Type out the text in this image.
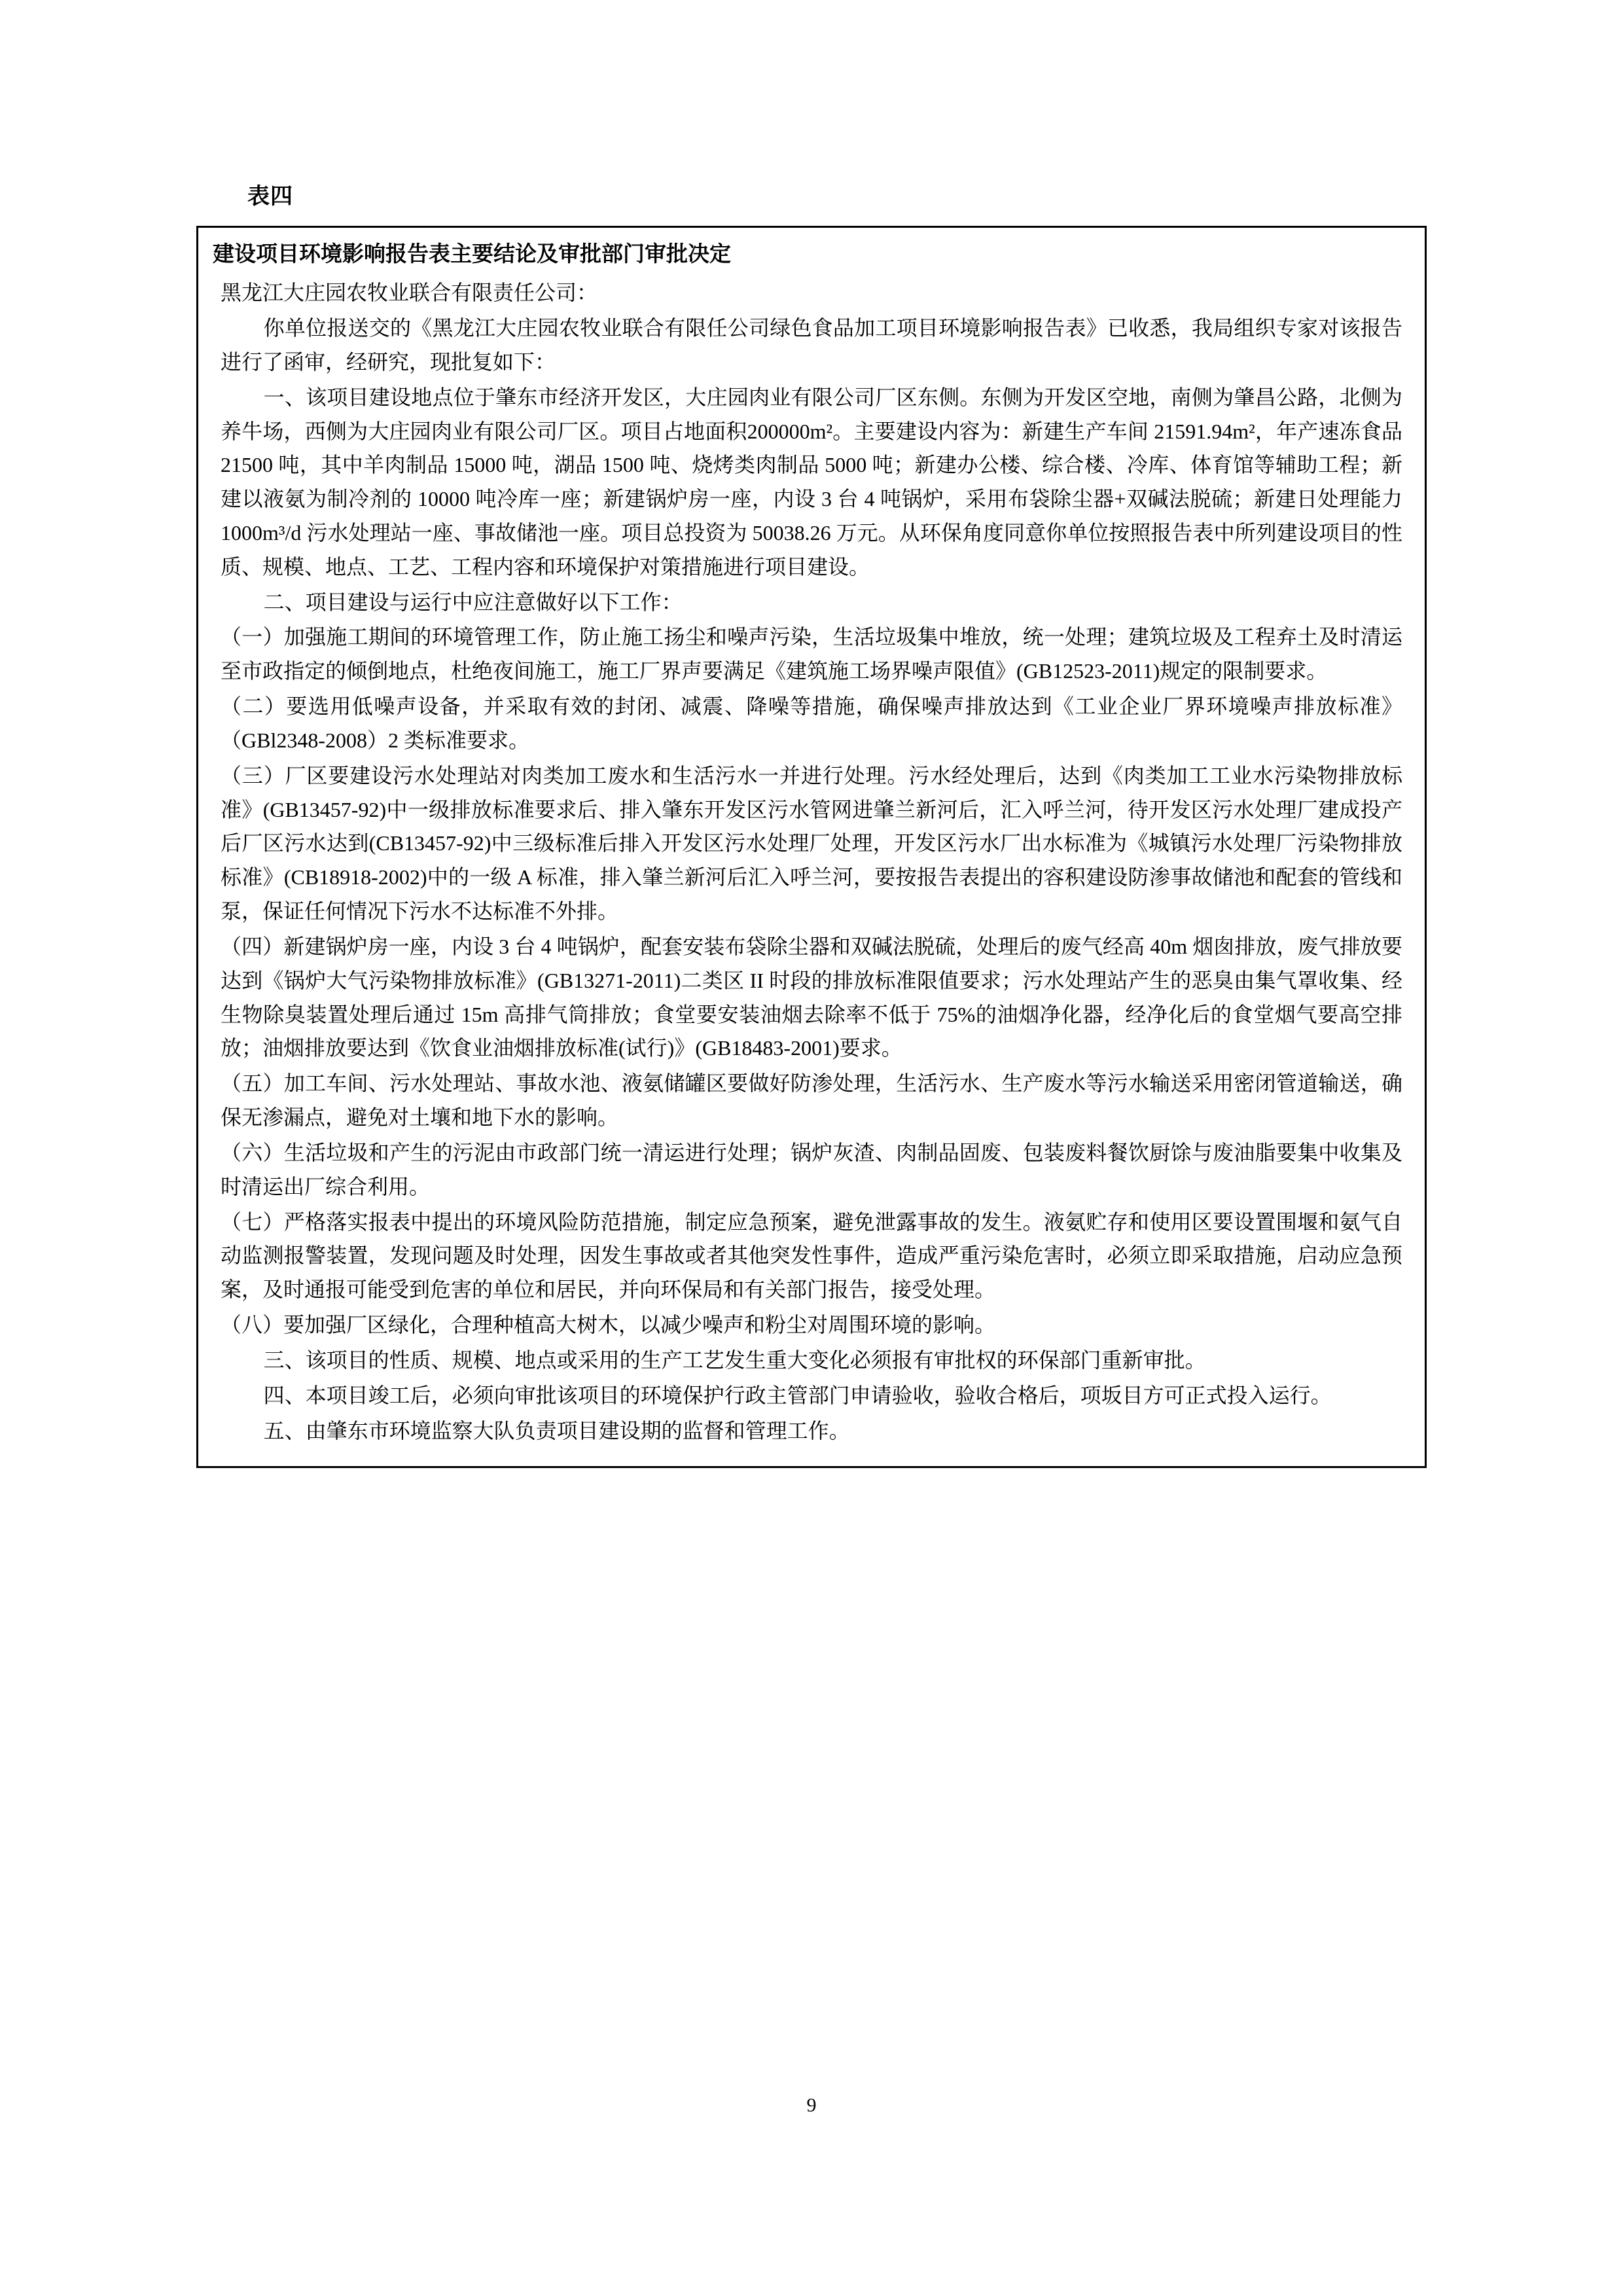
表四
建设项目环境影响报告表主要结论及审批部门审批决定

黑龙江大庄园农牧业联合有限责任公司：

你单位报送交的《黑龙江大庄园农牧业联合有限任公司绿色食品加工项目环境影响报告表》已收悉，我局组织专家对该报告进行了函审，经研究，现批复如下：

一、该项目建设地点位于肇东市经济开发区，大庄园肉业有限公司厂区东侧。东侧为开发区空地，南侧为肇昌公路，北侧为养牛场，西侧为大庄园肉业有限公司厂区。项目占地面积200000m²。主要建设内容为：新建生产车间 21591.94m²，年产速冻食品 21500 吨，其中羊肉制品 15000 吨，湖品 1500 吨、烧烤类肉制品 5000 吨；新建办公楼、综合楼、冷库、体育馆等辅助工程；新建以液氨为制冷剂的 10000 吨冷库一座；新建锅炉房一座，内设 3 台 4 吨锅炉，采用布袋除尘器+双碱法脱硫；新建日处理能力 1000m³/d 污水处理站一座、事故储池一座。项目总投资为 50038.26 万元。从环保角度同意你单位按照报告表中所列建设项目的性质、规模、地点、工艺、工程内容和环境保护对策措施进行项目建设。

二、项目建设与运行中应注意做好以下工作：

（一）加强施工期间的环境管理工作，防止施工扬尘和噪声污染，生活垃圾集中堆放，统一处理；建筑垃圾及工程弃土及时清运至市政指定的倾倒地点，杜绝夜间施工，施工厂界声要满足《建筑施工场界噪声限值》(GB12523-2011)规定的限制要求。

（二）要选用低噪声设备，并采取有效的封闭、减震、降噪等措施，确保噪声排放达到《工业企业厂界环境噪声排放标准》（GBl2348-2008）2 类标准要求。

（三）厂区要建设污水处理站对肉类加工废水和生活污水一并进行处理。污水经处理后，达到《肉类加工工业水污染物排放标准》(GB13457-92)中一级排放标准要求后、排入肇东开发区污水管网进肇兰新河后，汇入呼兰河，待开发区污水处理厂建成投产后厂区污水达到(CB13457-92)中三级标准后排入开发区污水处理厂处理，开发区污水厂出水标准为《城镇污水处理厂污染物排放标准》(CB18918-2002)中的一级 A 标准，排入肇兰新河后汇入呼兰河，要按报告表提出的容积建设防渗事故储池和配套的管线和泵，保证任何情况下污水不达标准不外排。

（四）新建锅炉房一座，内设 3 台 4 吨锅炉，配套安装布袋除尘器和双碱法脱硫，处理后的废气经高 40m 烟囱排放，废气排放要达到《锅炉大气污染物排放标准》(GB13271-2011)二类区 II 时段的排放标准限值要求；污水处理站产生的恶臭由集气罩收集、经生物除臭装置处理后通过 15m 高排气筒排放；食堂要安装油烟去除率不低于 75%的油烟净化器，经净化后的食堂烟气要高空排放；油烟排放要达到《饮食业油烟排放标准(试行)》(GB18483-2001)要求。

（五）加工车间、污水处理站、事故水池、液氨储罐区要做好防渗处理，生活污水、生产废水等污水输送采用密闭管道输送，确保无渗漏点，避免对土壤和地下水的影响。

（六）生活垃圾和产生的污泥由市政部门统一清运进行处理；锅炉灰渣、肉制品固废、包装废料餐饮厨馀与废油脂要集中收集及时清运出厂综合利用。

（七）严格落实报表中提出的环境风险防范措施，制定应急预案，避免泄露事故的发生。液氨贮存和使用区要设置围堰和氨气自动监测报警装置，发现问题及时处理，因发生事故或者其他突发性事件，造成严重污染危害时，必须立即采取措施，启动应急预案，及时通报可能受到危害的单位和居民，并向环保局和有关部门报告，接受处理。

（八）要加强厂区绿化，合理种植高大树木，以减少噪声和粉尘对周围环境的影响。

三、该项目的性质、规模、地点或采用的生产工艺发生重大变化必须报有审批权的环保部门重新审批。

四、本项目竣工后，必须向审批该项目的环境保护行政主管部门申请验收，验收合格后，项坂目方可正式投入运行。

五、由肇东市环境监察大队负责项目建设期的监督和管理工作。

9
